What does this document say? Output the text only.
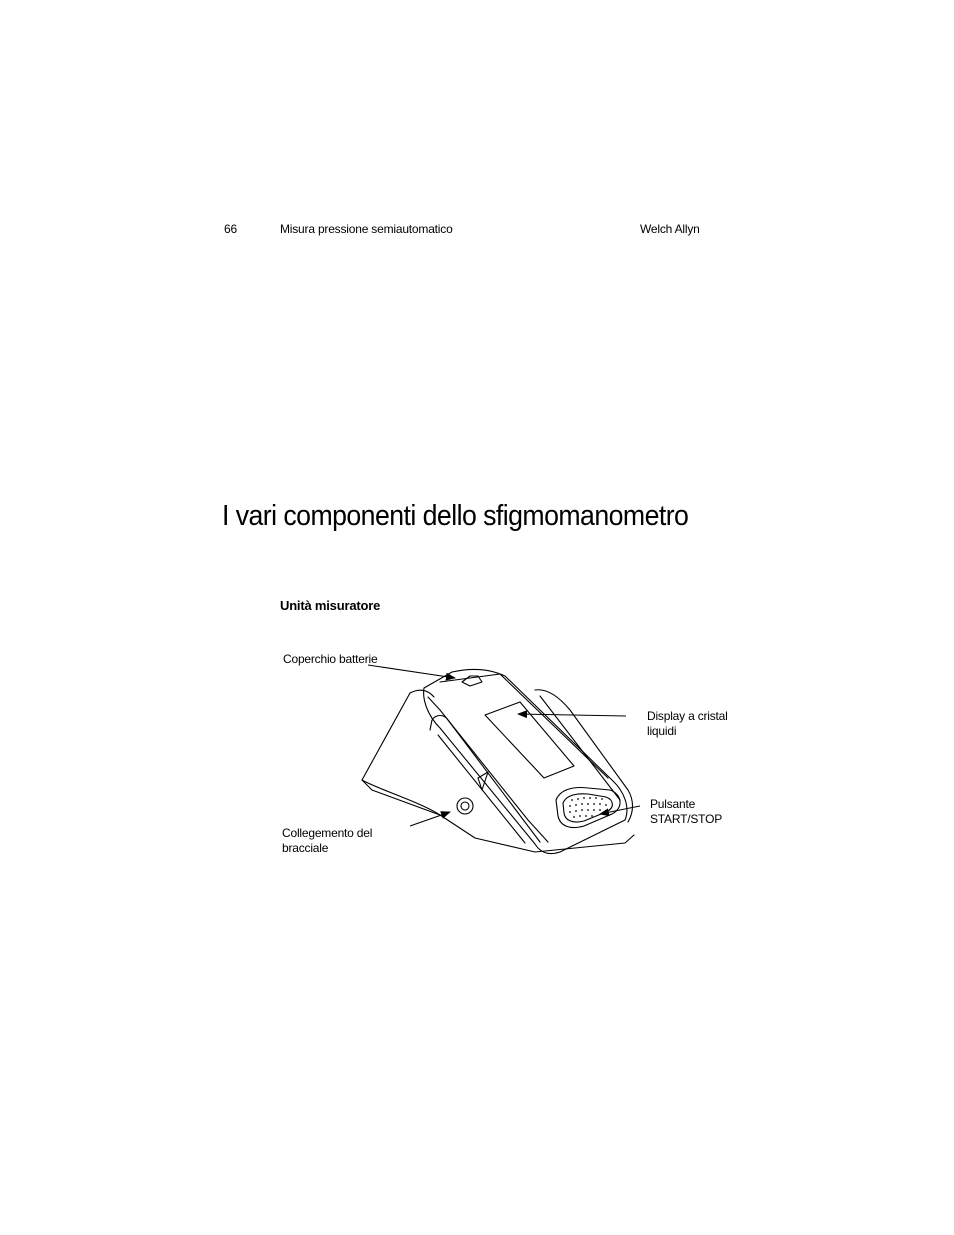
66	Misura pressione semiautomatico	Welch Allyn
I vari componenti dello sfigmomanometro
Unità misuratore
Coperchio batterie
Display a cristal
liquidi
Pulsante
START/STOP
Collegemento del
bracciale
